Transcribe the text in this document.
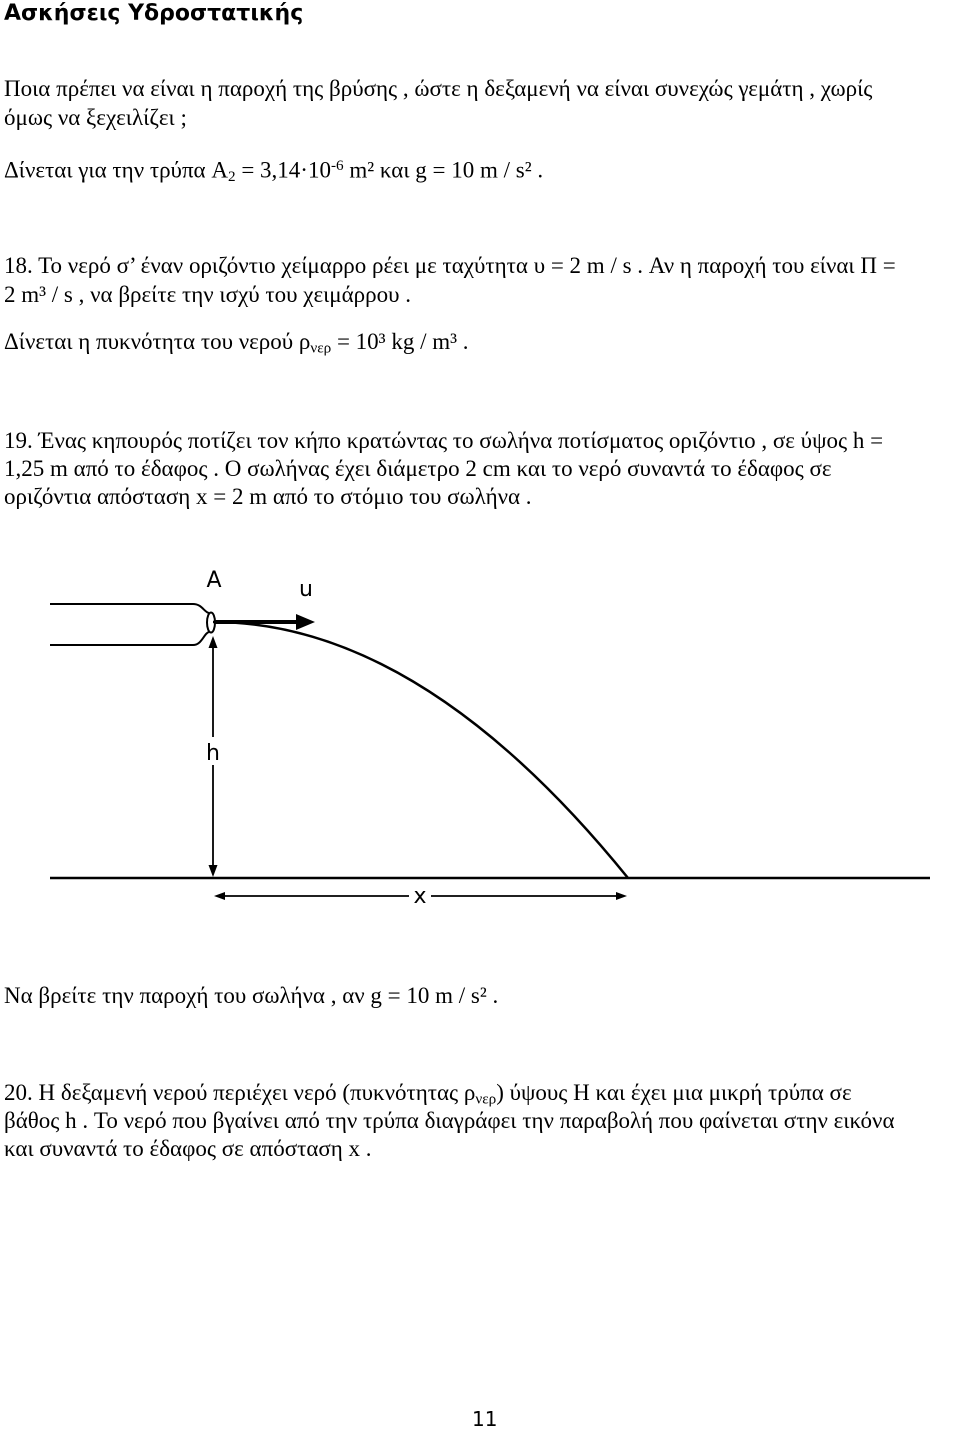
Ασκήσεις Υδροστατικής
Ποια πρέπει να είναι η παροχή της βρύσης , ώστε η δεξαμενή να είναι συνεχώς γεμάτη , χωρίς
όμως να ξεχειλίζει ;
Δίνεται για την τρύπα $A_2 = 3,14\cdot 10^{-6}$ m² και g = 10 m / s² .
18. Το νερό σ’ έναν οριζόντιο χείμαρρο ρέει με ταχύτητα υ = 2 m / s . Αν η παροχή του είναι Π =
2 m³ / s , να βρείτε την ισχύ του χειμάρρου .
Δίνεται η πυκνότητα του νερού $\rho_{\nu\varepsilon\rho} = 10^3$ kg / m³ .
19. Ένας κηπουρός ποτίζει τον κήπο κρατώντας το σωλήνα ποτίσματος οριζόντιο , σε ύψος h =
1,25 m από το έδαφος . Ο σωλήνας έχει διάμετρο 2 cm και το νερό συναντά το έδαφος σε
οριζόντια απόσταση x = 2 m από το στόμιο του σωλήνα .
A	u
h
x
Να βρείτε την παροχή του σωλήνα , αν g = 10 m / s² .
20. Η δεξαμενή νερού περιέχει νερό (πυκνότητας $\rho_{\nu\varepsilon\rho}$) ύψους H και έχει μια μικρή τρύπα σε
βάθος h . Το νερό που βγαίνει από την τρύπα διαγράφει την παραβολή που φαίνεται στην εικόνα
και συναντά το έδαφος σε απόσταση x .
11
